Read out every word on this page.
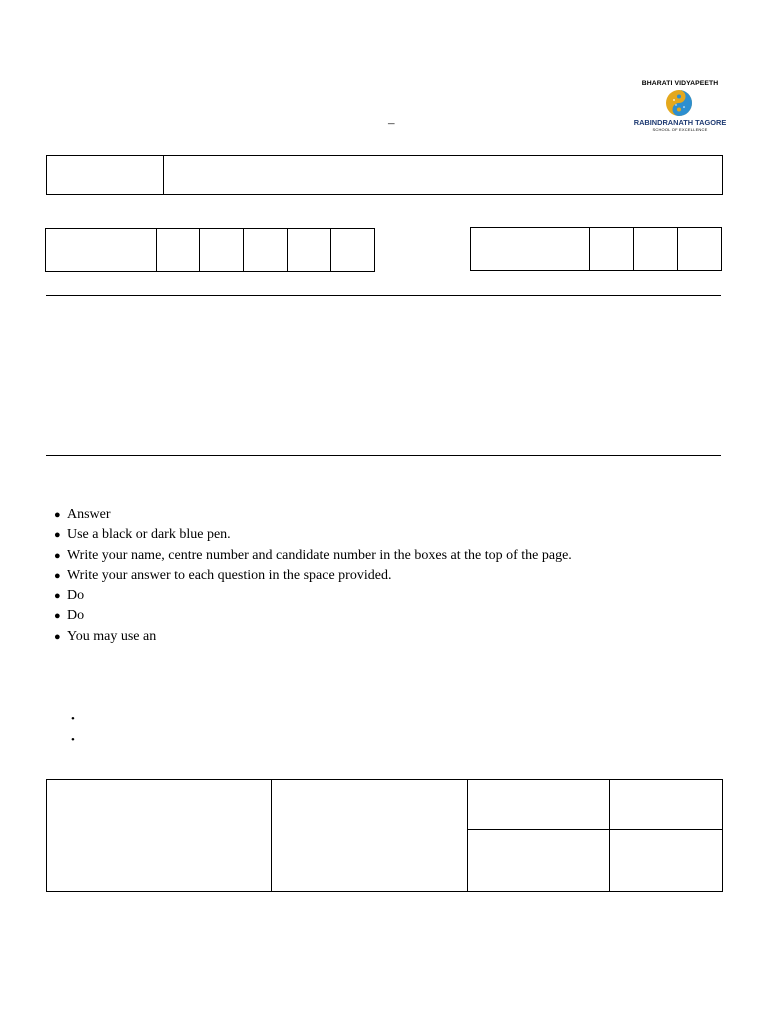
BHARATI VIDYAPEETH
RABINDRANATH TAGORE
SCHOOL OF EXCELLENCE
–
● Answer
● Use a black or dark blue pen.
● Write your name, centre number and candidate number in the boxes at the top of the page.
● Write your answer to each question in the space provided.
● Do
● Do
● You may use an
•
•
